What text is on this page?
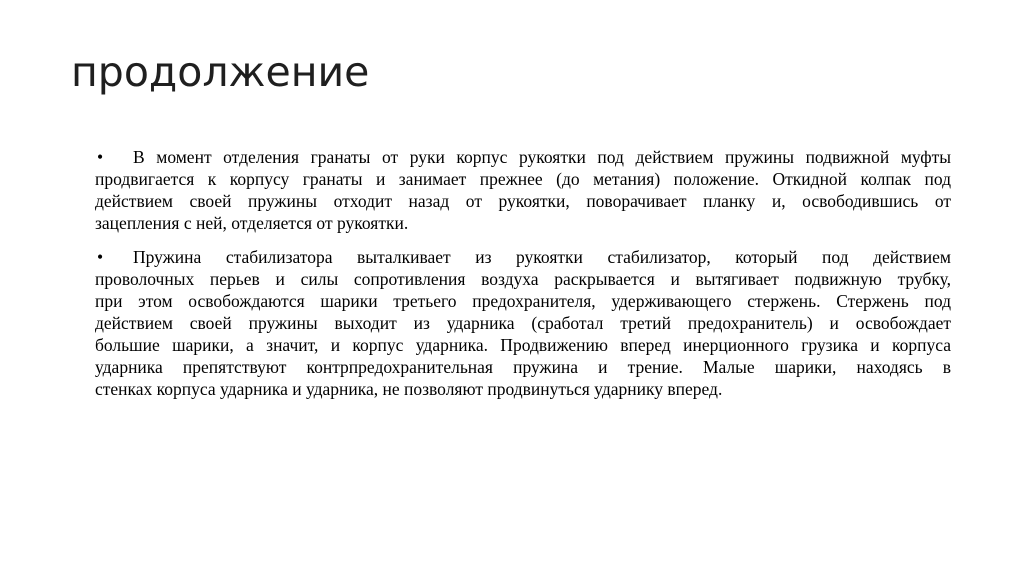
продолжение
•	В момент отделения гранаты от руки корпус рукоятки под действием пружины подвижной муфты
продвигается к корпусу гранаты и занимает прежнее (до метания) положение. Откидной колпак под
действием своей пружины отходит назад от рукоятки, поворачивает планку и, освободившись от
зацепления с ней, отделяется от рукоятки.
•	Пружина стабилизатора выталкивает из рукоятки стабилизатор, который под действием
проволочных перьев и силы сопротивления воздуха раскрывается и вытягивает подвижную трубку,
при этом освобождаются шарики третьего предохранителя, удерживающего стержень. Стержень под
действием своей пружины выходит из ударника (сработал третий предохранитель) и освобождает
большие шарики, а значит, и корпус ударника. Продвижению вперед инерционного грузика и корпуса
ударника препятствуют контрпредохранительная пружина и трение. Малые шарики, находясь в
стенках корпуса ударника и ударника, не позволяют продвинуться ударнику вперед.
